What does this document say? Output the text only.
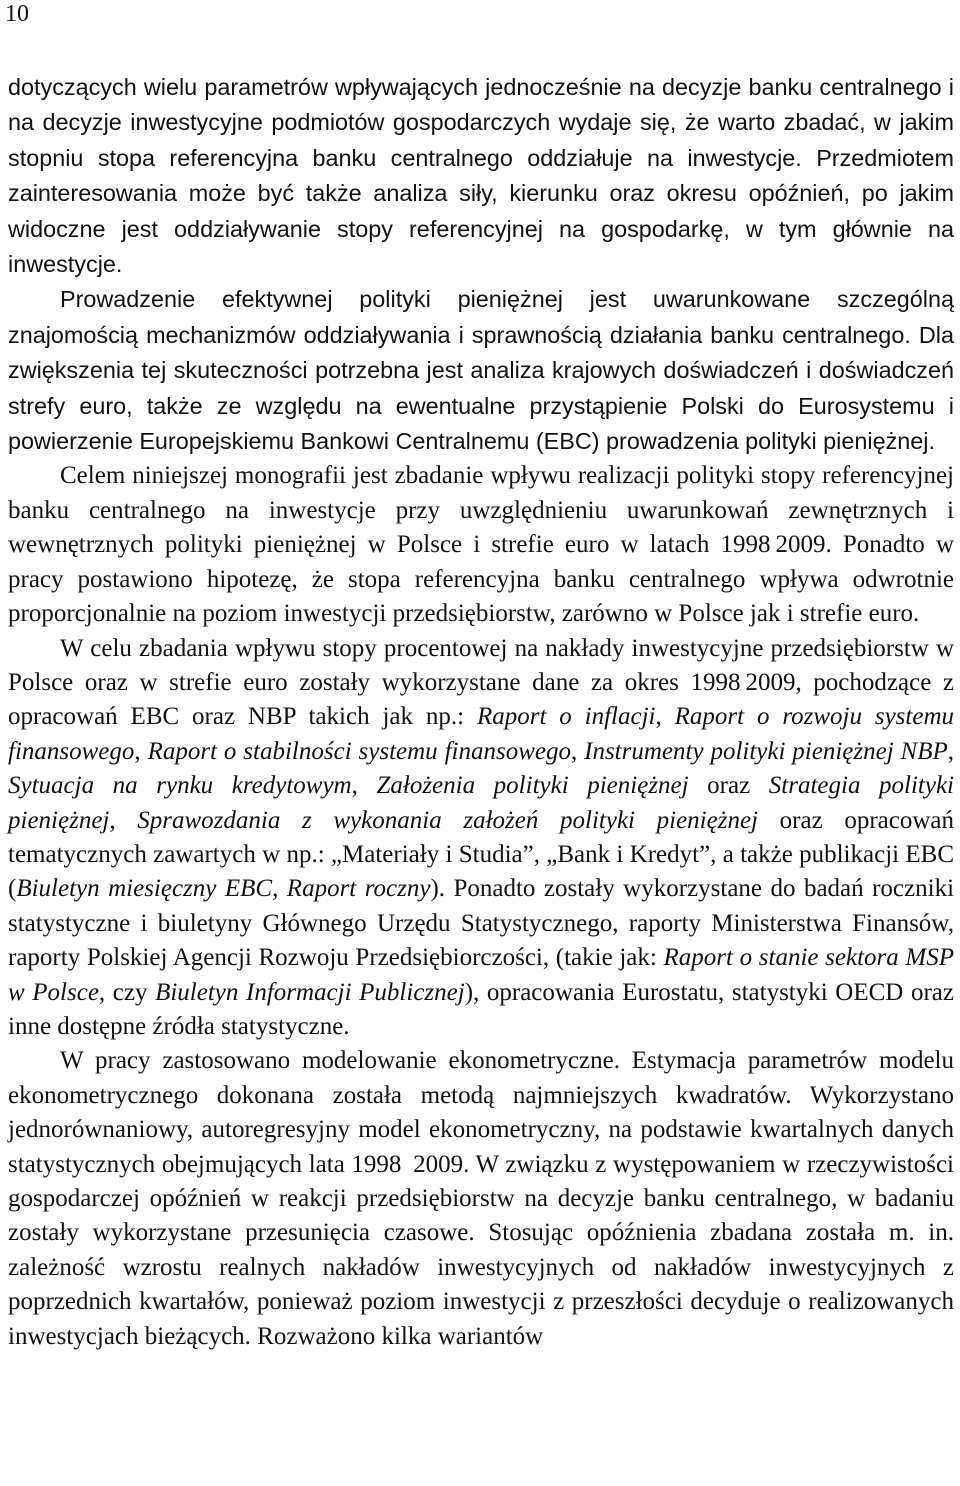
10

dotyczących wielu parametrów wpływających jednocześnie na decyzje banku centralnego i na decyzje inwestycyjne podmiotów gospodarczych wydaje się, że warto zbadać, w jakim stopniu stopa referencyjna banku centralnego oddziałuje na inwestycje. Przedmiotem zainteresowania może być także analiza siły, kierunku oraz okresu opóźnień, po jakim widoczne jest oddziaływanie stopy referencyjnej na gospodarkę, w tym głównie na inwestycje.

Prowadzenie efektywnej polityki pieniężnej jest uwarunkowane szczególną znajomością mechanizmów oddziaływania i sprawnością działania banku centralnego. Dla zwiększenia tej skuteczności potrzebna jest analiza krajowych doświadczeń i doświadczeń strefy euro, także ze względu na ewentualne przystąpienie Polski do Eurosystemu i powierzenie Europejskiemu Bankowi Centralnemu (EBC) prowadzenia polityki pieniężnej.

Celem niniejszej monografii jest zbadanie wpływu realizacji polityki stopy referencyjnej banku centralnego na inwestycje przy uwzględnieniu uwarunkowań zewnętrznych i wewnętrznych polityki pieniężnej w Polsce i strefie euro w latach 1998 2009. Ponadto w pracy postawiono hipotezę, że stopa referencyjna banku centralnego wpływa odwrotnie proporcjonalnie na poziom inwestycji przedsiębiorstw, zarówno w Polsce jak i strefie euro.

W celu zbadania wpływu stopy procentowej na nakłady inwestycyjne przedsiębiorstw w Polsce oraz w strefie euro zostały wykorzystane dane za okres 1998 2009, pochodzące z opracowań EBC oraz NBP takich jak np.: Raport o inflacji, Raport o rozwoju systemu finansowego, Raport o stabilności systemu finansowego, Instrumenty polityki pieniężnej NBP, Sytuacja na rynku kredytowym, Założenia polityki pieniężnej oraz Strategia polityki pieniężnej, Sprawozdania z wykonania założeń polityki pieniężnej oraz opracowań tematycznych zawartych w np.: „Materiały i Studia”, „Bank i Kredyt”, a także publikacji EBC (Biuletyn miesięczny EBC, Raport roczny). Ponadto zostały wykorzystane do badań roczniki statystyczne i biuletyny Głównego Urzędu Statystycznego, raporty Ministerstwa Finansów, raporty Polskiej Agencji Rozwoju Przedsiębiorczości, (takie jak: Raport o stanie sektora MSP w Polsce, czy Biuletyn Informacji Publicznej), opracowania Eurostatu, statystyki OECD oraz inne dostępne źródła statystyczne.

W pracy zastosowano modelowanie ekonometryczne. Estymacja parametrów modelu ekonometrycznego dokonana została metodą najmniejszych kwadratów. Wykorzystano jednorównaniowy, autoregresyjny model ekonometryczny, na podstawie kwartalnych danych statystycznych obejmujących lata 1998  2009. W związku z występowaniem w rzeczywistości gospodarczej opóźnień w reakcji przedsiębiorstw na decyzje banku centralnego, w badaniu zostały wykorzystane przesunięcia czasowe. Stosując opóźnienia zbadana została m. in. zależność wzrostu realnych nakładów inwestycyjnych od nakładów inwestycyjnych z poprzednich kwartałów, ponieważ poziom inwestycji z przeszłości decyduje o realizowanych inwestycjach bieżących. Rozważono kilka wariantów
